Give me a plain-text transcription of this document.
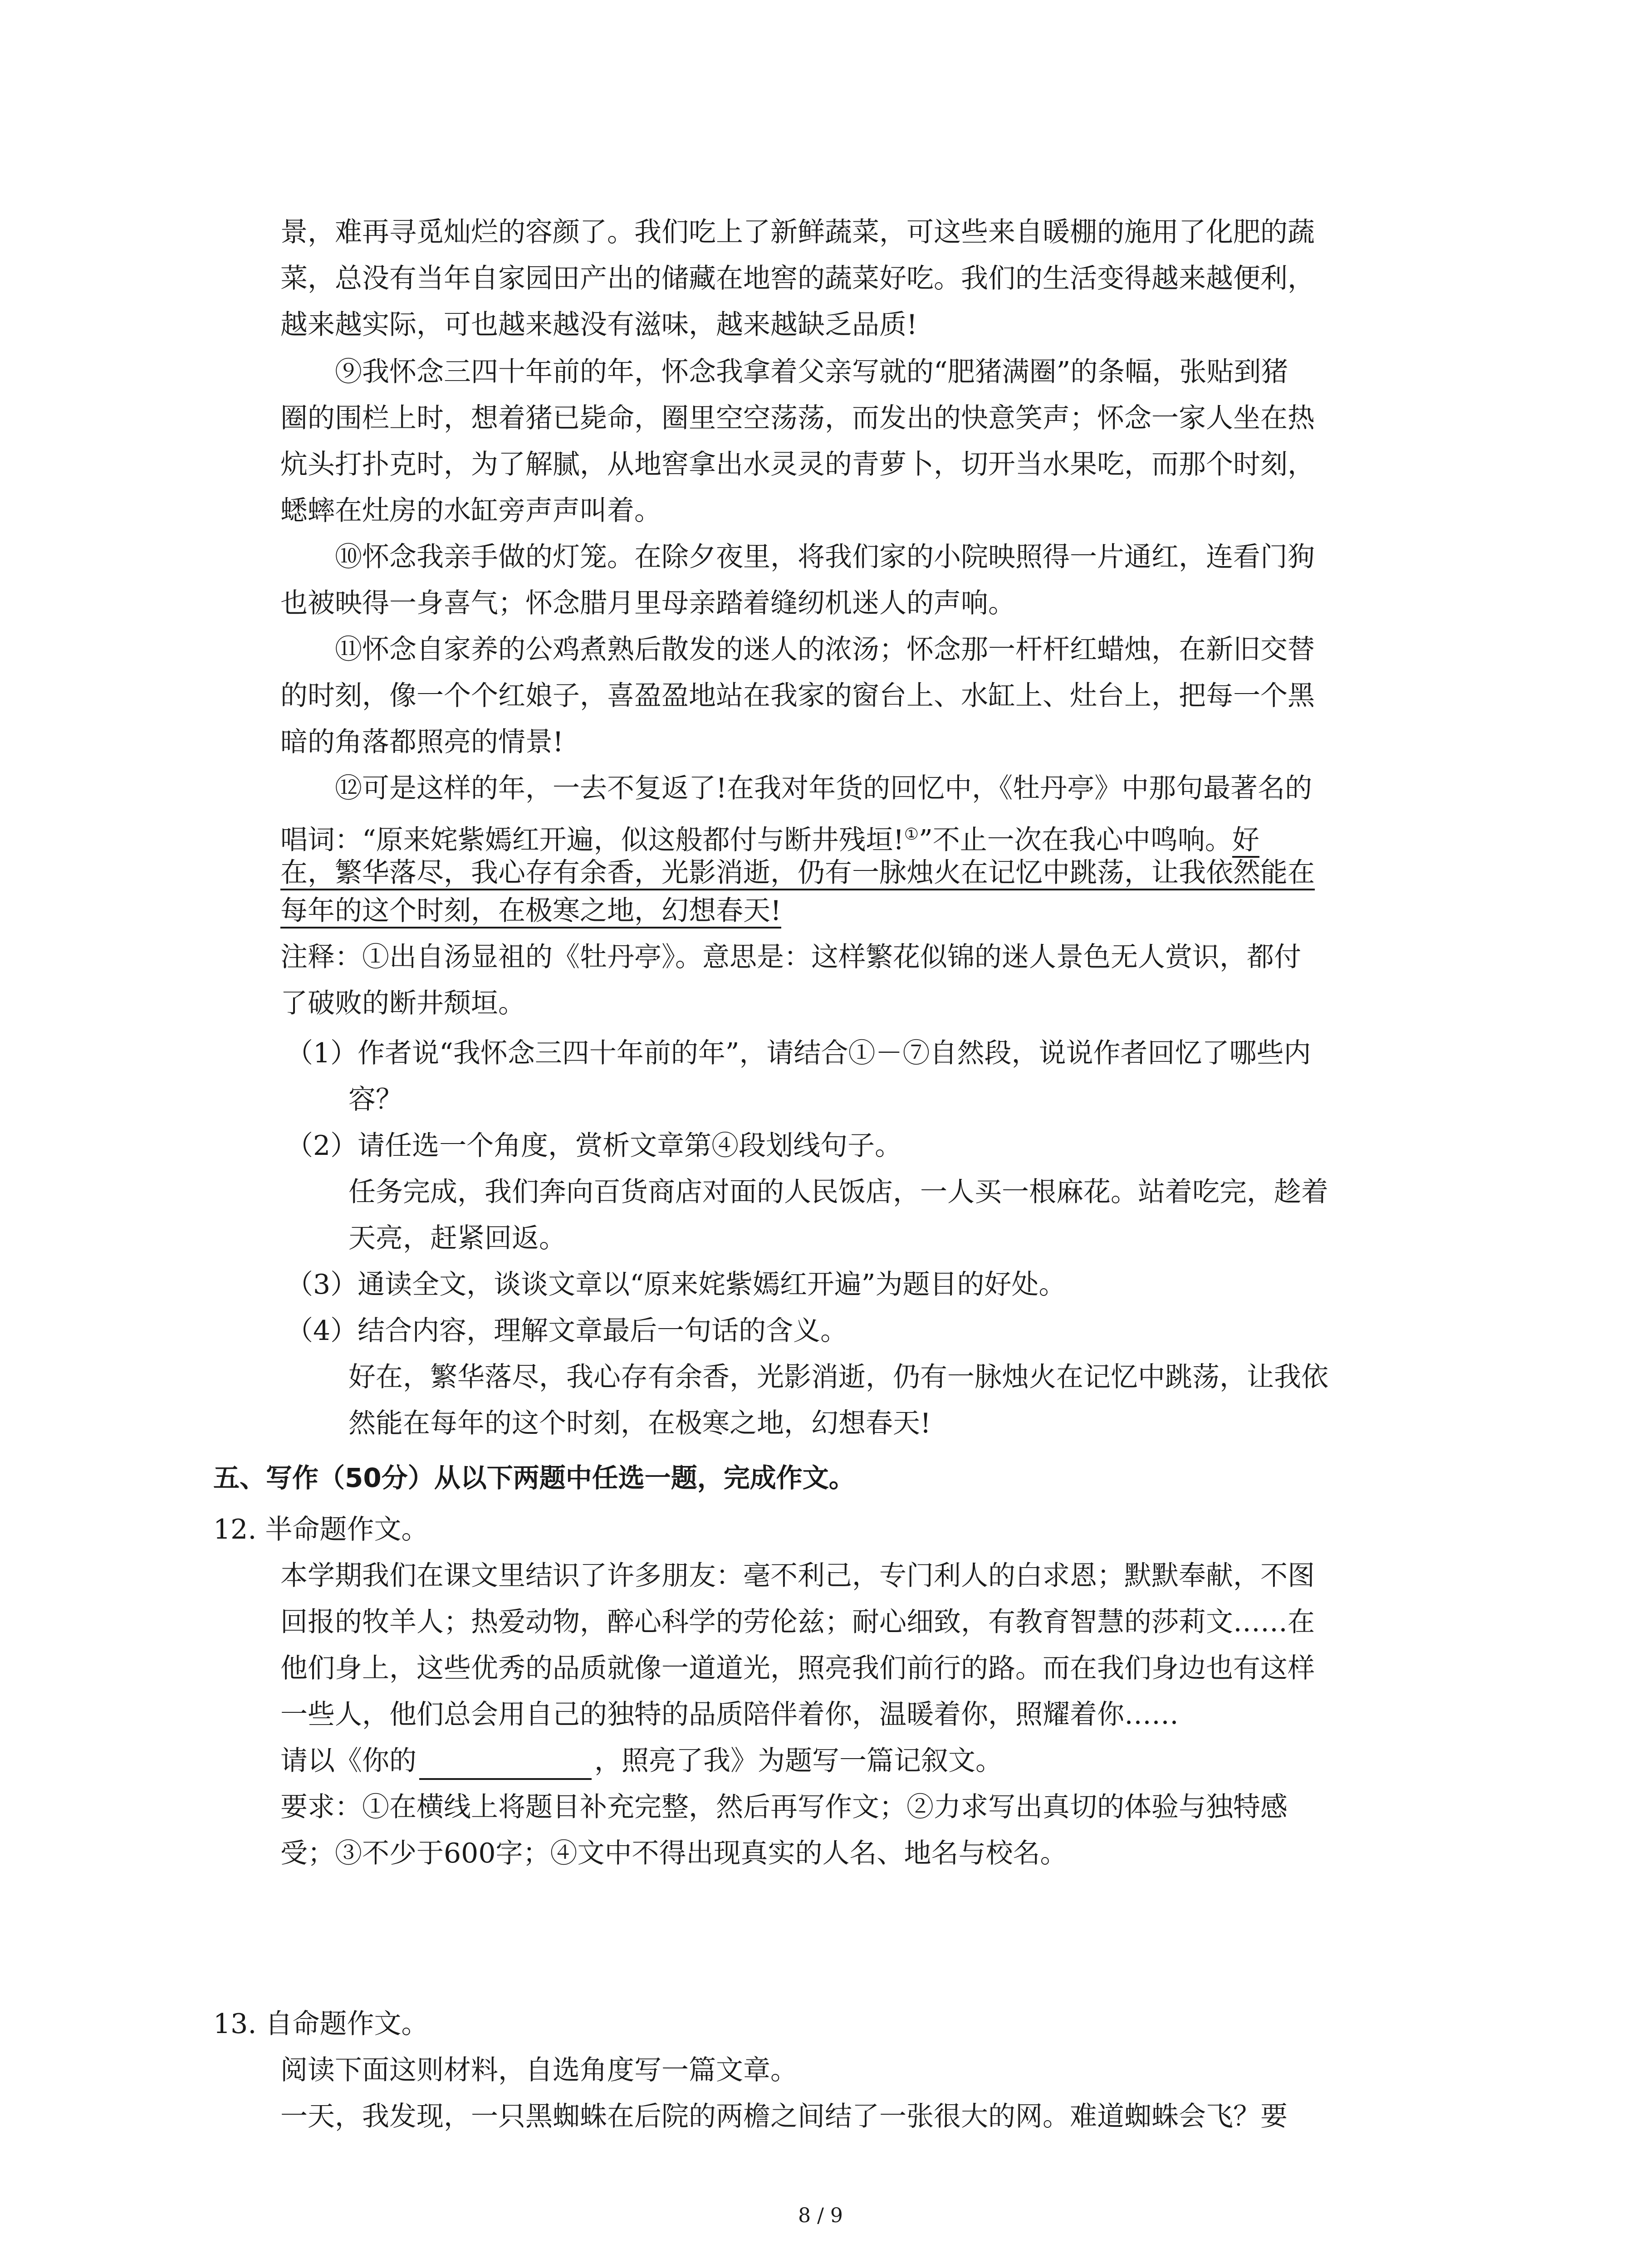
景，难再寻觅灿烂的容颜了。我们吃上了新鲜蔬菜，可这些来自暖棚的施用了化肥的蔬
菜，总没有当年自家园田产出的储藏在地窖的蔬菜好吃。我们的生活变得越来越便利，
越来越实际，可也越来越没有滋味，越来越缺乏品质!
⑨我怀念三四十年前的年，怀念我拿着父亲写就的“肥猪满圈”的条幅，张贴到猪
圈的围栏上时，想着猪已毙命，圈里空空荡荡，而发出的快意笑声；怀念一家人坐在热
炕头打扑克时，为了解腻，从地窖拿出水灵灵的青萝卜，切开当水果吃，而那个时刻，
蟋蟀在灶房的水缸旁声声叫着。
⑩怀念我亲手做的灯笼。在除夕夜里，将我们家的小院映照得一片通红，连看门狗
也被映得一身喜气；怀念腊月里母亲踏着缝纫机迷人的声响。
⑪怀念自家养的公鸡煮熟后散发的迷人的浓汤；怀念那一杆杆红蜡烛，在新旧交替
的时刻，像一个个红娘子，喜盈盈地站在我家的窗台上、水缸上、灶台上，把每一个黑
暗的角落都照亮的情景!
⑫可是这样的年，一去不复返了!在我对年货的回忆中，《牡丹亭》中那句最著名的
唱词：“原来姹紫嫣红开遍，似这般都付与断井残垣!①”不止一次在我心中鸣响。好
在，繁华落尽，我心存有余香，光影消逝，仍有一脉烛火在记忆中跳荡，让我依然能在
每年的这个时刻，在极寒之地，幻想春天!
注释：①出自汤显祖的《牡丹亭》。意思是：这样繁花似锦的迷人景色无人赏识，都付
了破败的断井颓垣。
（1）作者说“我怀念三四十年前的年”，请结合①－⑦自然段，说说作者回忆了哪些内
容？
（2）请任选一个角度，赏析文章第④段划线句子。
任务完成，我们奔向百货商店对面的人民饭店，一人买一根麻花。站着吃完，趁着
天亮，赶紧回返。
（3）通读全文，谈谈文章以“原来姹紫嫣红开遍”为题目的好处。
（4）结合内容，理解文章最后一句话的含义。
好在，繁华落尽，我心存有余香，光影消逝，仍有一脉烛火在记忆中跳荡，让我依
然能在每年的这个时刻，在极寒之地，幻想春天!
五、写作（50分）从以下两题中任选一题，完成作文。
12. 半命题作文。
本学期我们在课文里结识了许多朋友：毫不利己，专门利人的白求恩；默默奉献，不图
回报的牧羊人；热爱动物，醉心科学的劳伦兹；耐心细致，有教育智慧的莎莉文……在
他们身上，这些优秀的品质就像一道道光，照亮我们前行的路。而在我们身边也有这样
一些人，他们总会用自己的独特的品质陪伴着你，温暖着你，照耀着你……
请以《你的	，照亮了我》为题写一篇记叙文。
要求：①在横线上将题目补充完整，然后再写作文；②力求写出真切的体验与独特感
受；③不少于600字；④文中不得出现真实的人名、地名与校名。
13. 自命题作文。
阅读下面这则材料，自选角度写一篇文章。
一天，我发现，一只黑蜘蛛在后院的两檐之间结了一张很大的网。难道蜘蛛会飞？要
8 / 9
